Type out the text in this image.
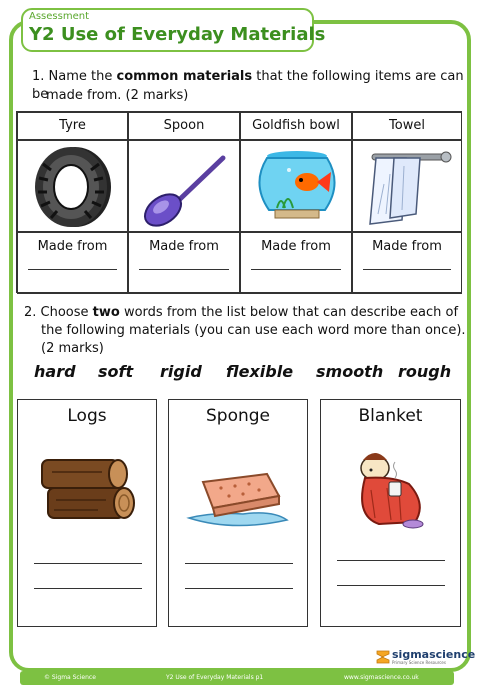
Assessment
Y2 Use of Everyday Materials
1. Name the common materials that the following items are can be
made from. (2 marks)
Tyre	Spoon	Goldfish bowl	Towel
Made from	Made from	Made from	Made from
2. Choose two words from the list below that can describe each of
the following materials (you can use each word more than once).
(2 marks)
hard soft rigid flexible smooth rough
Logs	Sponge	Blanket
sigmascience
Primary Science Resources
© Sigma Science	Y2 Use of Everyday Materials p1	www.sigmascience.co.uk
